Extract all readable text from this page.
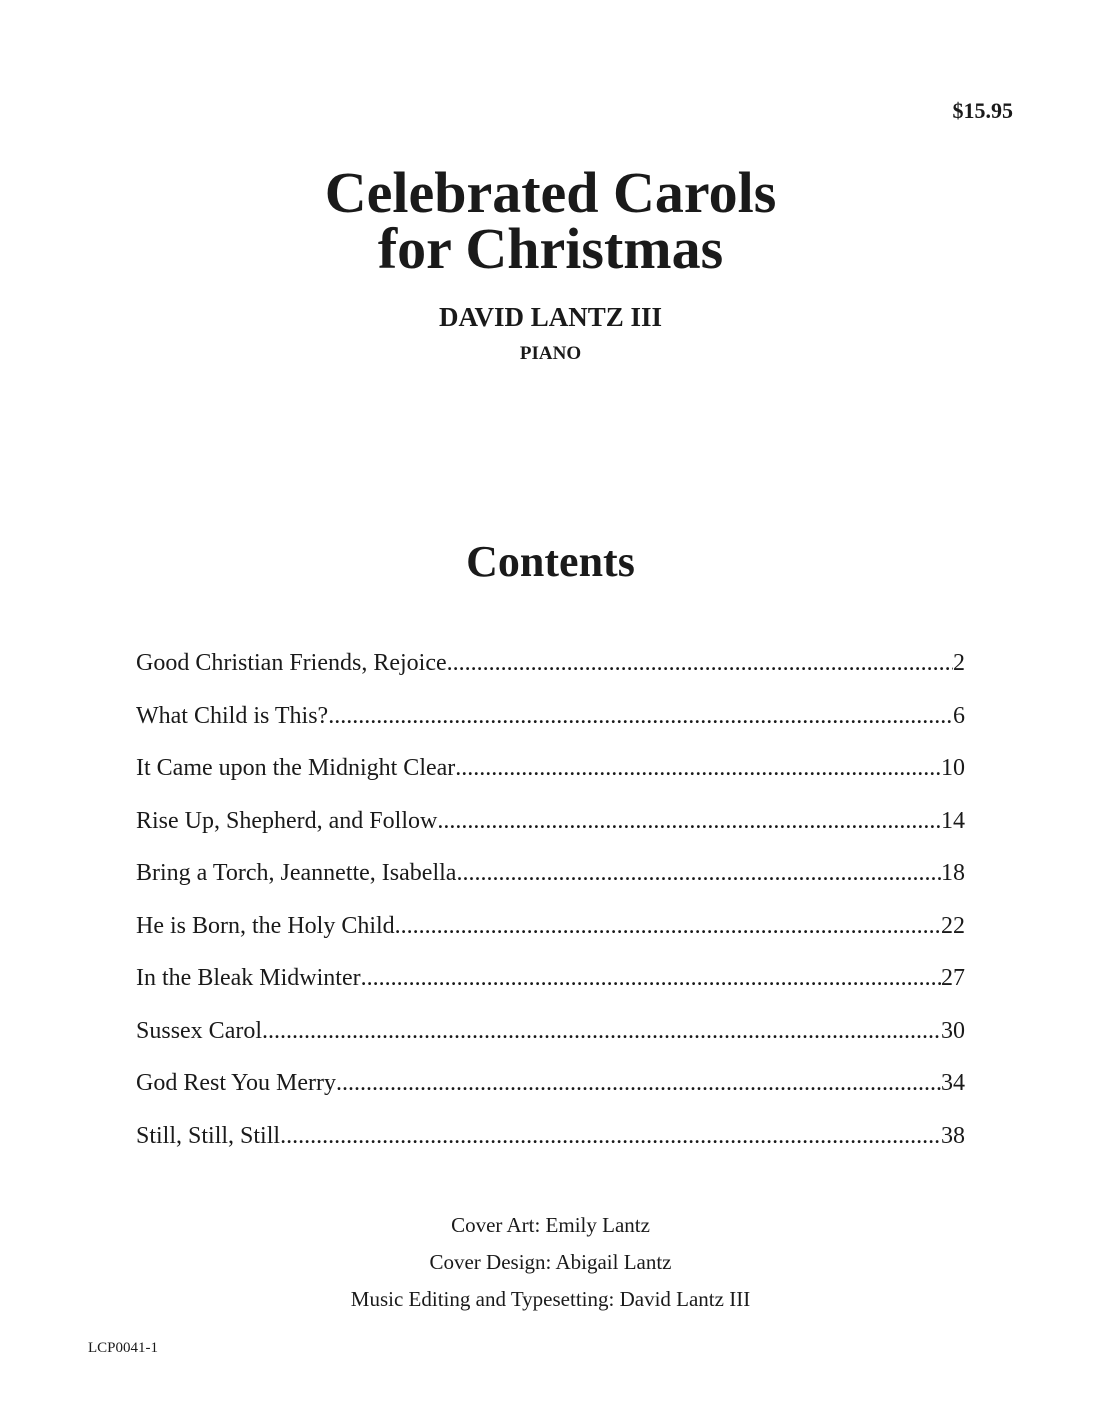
$15.95
Celebrated Carols
for Christmas
DAVID LANTZ III
PIANO
Contents
Good Christian Friends, Rejoice .....	2
What Child is This? .....	6
It Came upon the Midnight Clear .....	10
Rise Up, Shepherd, and Follow .....	14
Bring a Torch, Jeannette, Isabella .....	18
He is Born, the Holy Child .....	22
In the Bleak Midwinter .....	27
Sussex Carol .....	30
God Rest You Merry .....	34
Still, Still, Still .....	38
Cover Art: Emily Lantz
Cover Design: Abigail Lantz
Music Editing and Typesetting: David Lantz III
LCP0041-1
